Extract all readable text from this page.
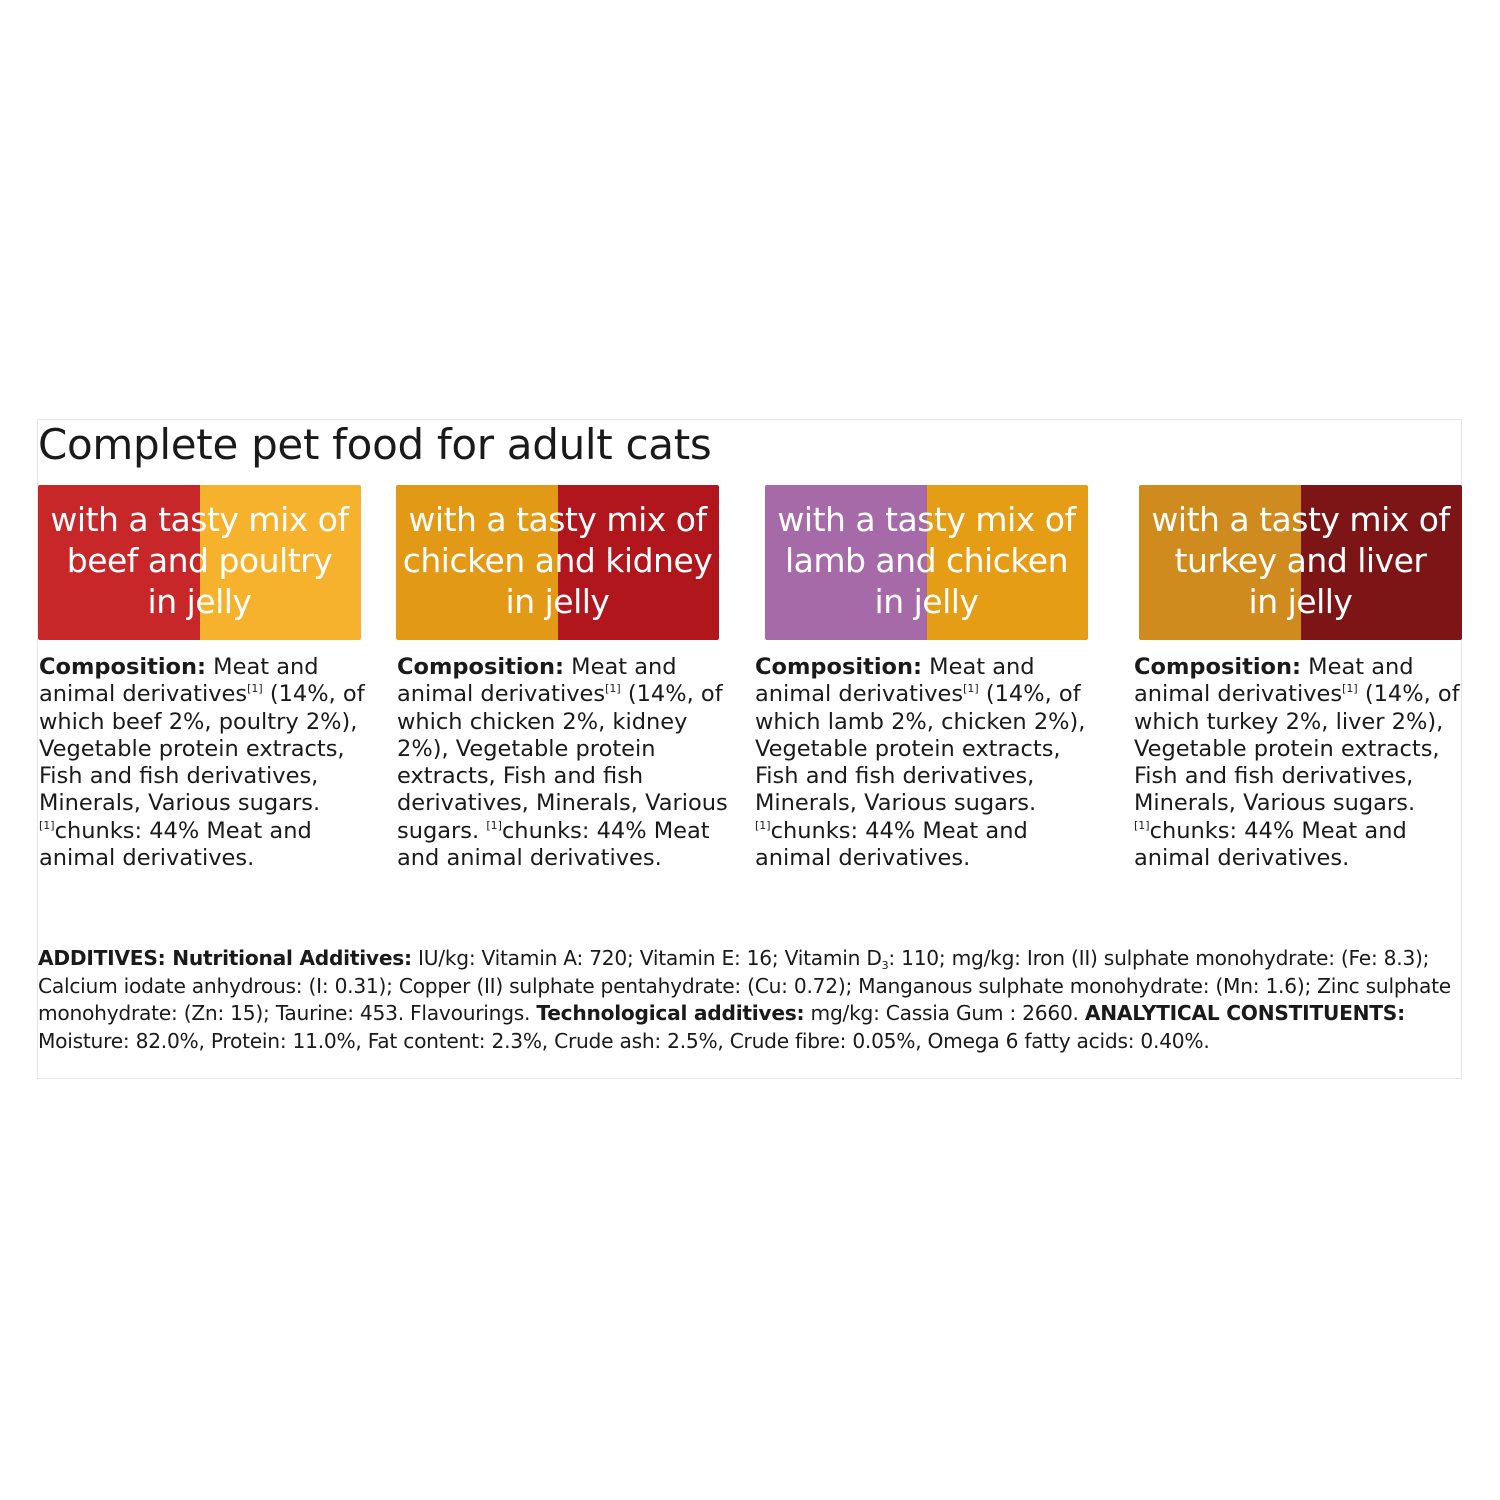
Complete pet food for adult cats
with a tasty mix of
beef and poultry
in jelly
Composition: Meat and animal derivatives[1] (14%, of which beef 2%, poultry 2%), Vegetable protein extracts, Fish and fish derivatives, Minerals, Various sugars. [1]chunks: 44% Meat and animal derivatives.
with a tasty mix of
chicken and kidney
in jelly
Composition: Meat and animal derivatives[1] (14%, of which chicken 2%, kidney 2%), Vegetable protein extracts, Fish and fish derivatives, Minerals, Various sugars. [1]chunks: 44% Meat and animal derivatives.
with a tasty mix of
lamb and chicken
in jelly
Composition: Meat and animal derivatives[1] (14%, of which lamb 2%, chicken 2%), Vegetable protein extracts, Fish and fish derivatives, Minerals, Various sugars. [1]chunks: 44% Meat and animal derivatives.
with a tasty mix of
turkey and liver
in jelly
Composition: Meat and animal derivatives[1] (14%, of which turkey 2%, liver 2%), Vegetable protein extracts, Fish and fish derivatives, Minerals, Various sugars. [1]chunks: 44% Meat and animal derivatives.
ADDITIVES: Nutritional Additives: IU/kg: Vitamin A: 720; Vitamin E: 16; Vitamin $D_3$: 110; mg/kg: Iron (II) sulphate monohydrate: (Fe: 8.3); Calcium iodate anhydrous: (I: 0.31); Copper (II) sulphate pentahydrate: (Cu: 0.72); Manganous sulphate monohydrate: (Mn: 1.6); Zinc sulphate monohydrate: (Zn: 15); Taurine: 453. Flavourings. Technological additives: mg/kg: Cassia Gum : 2660. ANALYTICAL CONSTITUENTS: Moisture: 82.0%, Protein: 11.0%, Fat content: 2.3%, Crude ash: 2.5%, Crude fibre: 0.05%, Omega 6 fatty acids: 0.40%.
